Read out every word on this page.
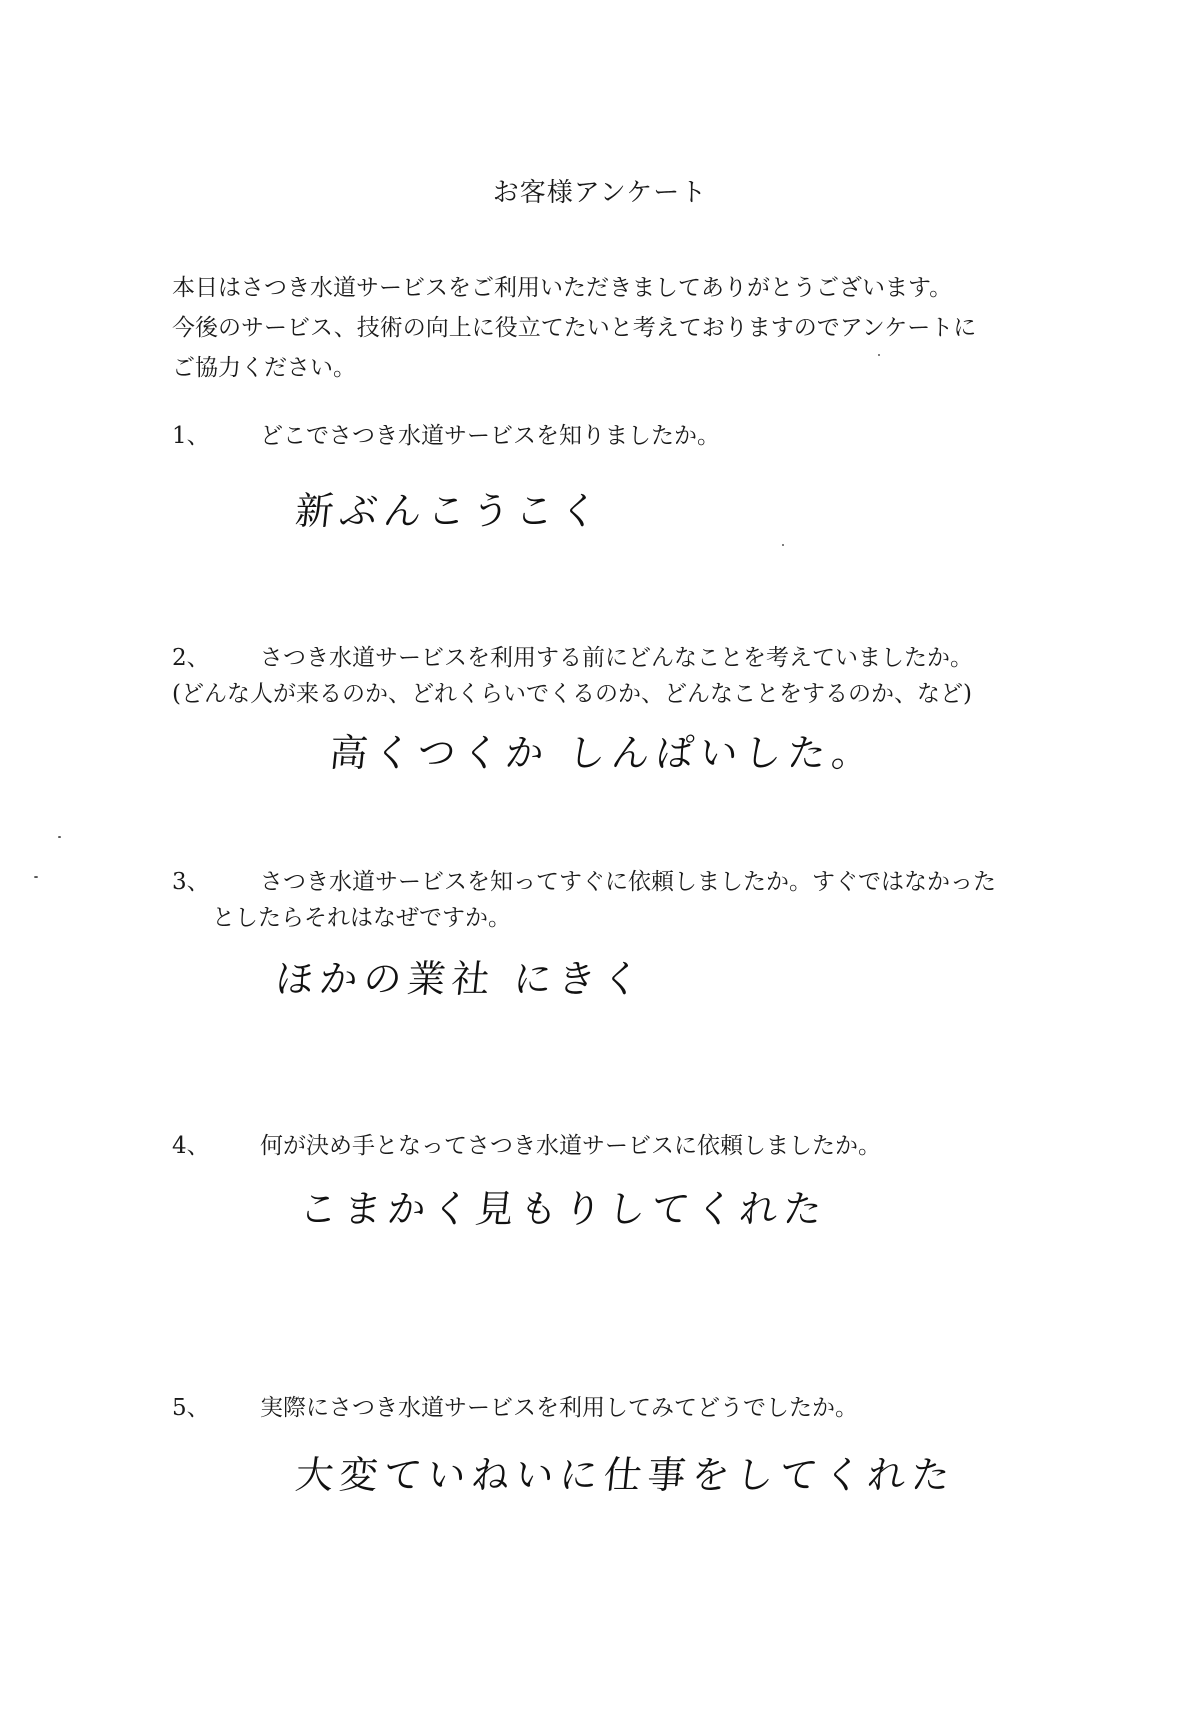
お客様アンケート
本日はさつき水道サービスをご利用いただきましてありがとうございます。
今後のサービス、技術の向上に役立てたいと考えておりますのでアンケートに
ご協力ください。
1、	どこでさつき水道サービスを知りましたか。
新ぶんこうこく
2、	さつき水道サービスを利用する前にどんなことを考えていましたか。
(どんな人が来るのか、どれくらいでくるのか、どんなことをするのか、など)
高くつくか しんぱいした。
3、	さつき水道サービスを知ってすぐに依頼しましたか。すぐではなかった
としたらそれはなぜですか。
ほかの業社 にきく
4、	何が決め手となってさつき水道サービスに依頼しましたか。
こまかく見もりしてくれた
5、	実際にさつき水道サービスを利用してみてどうでしたか。
大変ていねいに仕事をしてくれた
